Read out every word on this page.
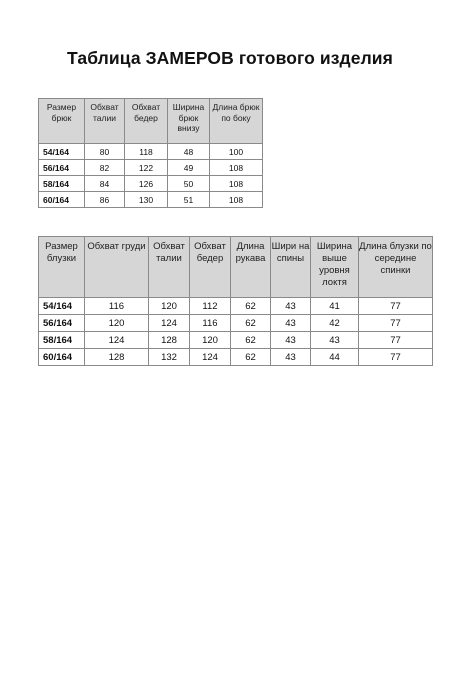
Таблица ЗАМЕРОВ готового изделия
Размер брюк	Обхват талии	Обхват бедер	Ширина брюк внизу	Длина брюк по боку
54/164	80	118	48	100
56/164	82	122	49	108
58/164	84	126	50	108
60/164	86	130	51	108
Размер блузки	Обхват груди	Обхват талии	Обхват бедер	Длина рукава	Шири на спины	Ширина выше уровня локтя	Длина блузки по середине спинки
54/164	116	120	112	62	43	41	77
56/164	120	124	116	62	43	42	77
58/164	124	128	120	62	43	43	77
60/164	128	132	124	62	43	44	77
